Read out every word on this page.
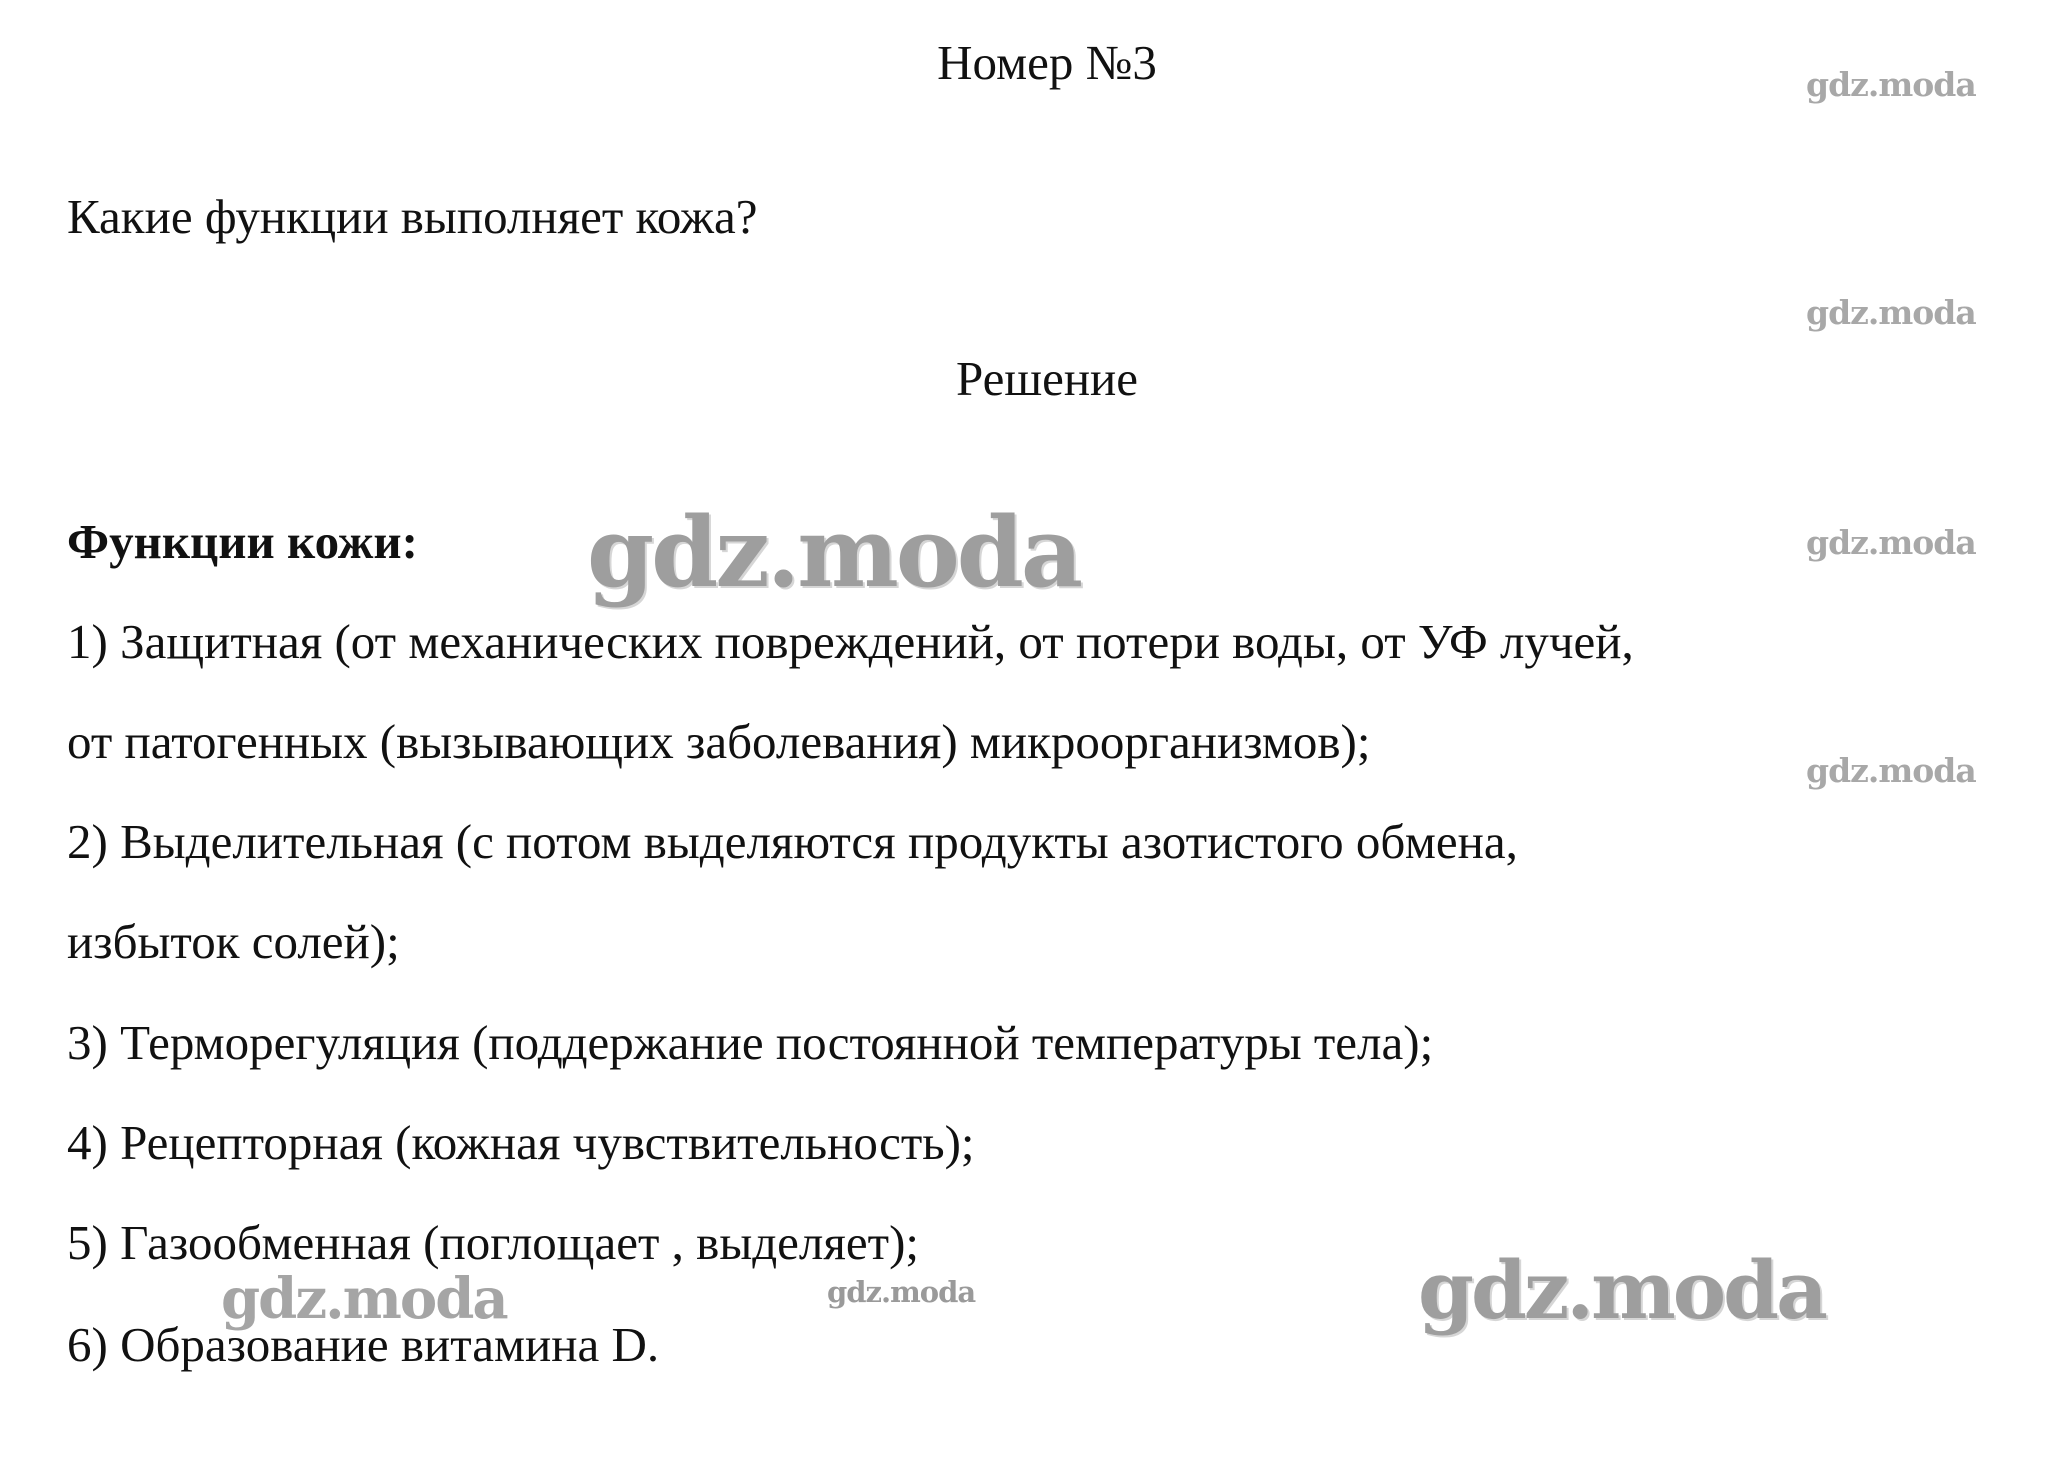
Номер №3
Какие функции выполняет кожа?
Решение
Функции кожи:
1) Защитная (от механических повреждений, от потери воды, от УФ лучей,
от патогенных (вызывающих заболевания) микроорганизмов);
2) Выделительная (с потом выделяются продукты азотистого обмена,
избыток солей);
3) Терморегуляция (поддержание постоянной температуры тела);
4) Рецепторная (кожная чувствительность);
5) Газообменная (поглощает , выделяет);
6) Образование витамина D.
gdz.moda
gdz.moda
gdz.moda
gdz.moda
gdz.moda
gdz.moda	gdz.moda	gdz.moda
